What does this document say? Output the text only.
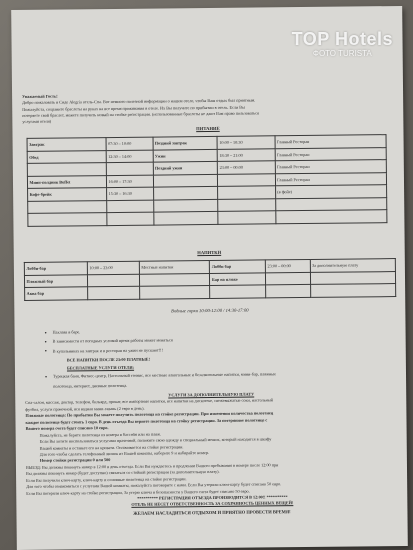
Уважаемый Гость!

Добро пожаловать в Сиде Alegria отель-Спа. Вот немного полезной информации о нашем отеле, чтобы Ваш отдых был приятным.

Пожалуйста, сохраните браслеты на руках на все время проживания в отеле. Их Вы получите по прибытии в отель. Если Вы

потеряете свой браслет, можете получить новый на стойке регистрации. (использованные браслеты не дают Вам право пользоваться

услугами отеля)

ПИТАНИЕ
Завтрак	07:30 – 10:00	Поздний завтрак	10:00 – 10:30	Главный Ресторан
Обед	12:30 – 14:00	Ужин	18:30 – 21:00	Главный Ресторан
		Поздний ужин	23:00 – 00:00	Главный Ресторан
Мини-полдник Buffet	16:00 – 17:30			Главный Ресторан
Кофе-брейк	15:30 – 16:30			(в фойе)

НАПИТКИ
Лобби-бар	10:00 – 23:00	Местные напитки	Лобби бар	23:00 – 00:00	За дополнительную плату
Пляжный бар			Бар на пляже		
Аква бар					
Водные горки 10:00-12:00 / 14:30-17:00

● Пахлава в баре.

● В зависимости от погодных условий время работы может меняться

● В купальниках на завтрак и в ресторан на ужин не пускают!!!

ВСЕ НАПИТКИ ПОСЛЕ 23:00 ПЛАТНЫЕ!

БЕСПЛАТНЫЕ УСЛУГИ ОТЕЛЯ:

● Турецкая баня, Фитнес-центр, Настольный теннис, все местные алкогольные и безалкогольные напитки, мини-бар, пляжные

полотенца, интернет, дневные полотенца.

УСЛУГИ ЗА ДОПОЛНИТЕЛЬНУЮ ПЛАТУ

Спа-салон, массаж, доктор, телефон, бильярд, прокат, все импортные напитки, все напитки на дискотеке, свежевыжатые соки, настольный

футбол, услуги прачечной, вся водная мини-гавань (2 евро в день).

Пляжные полотенца: По прибытии Вы можете получить полотенца на стойке регистрации. При изменении количества полотенец

каждое полотенце будет стоить 1 евро. В день отъезда Вы вернете полотенца на стойку регистрации. За потерянное полотенце с

Вашего номера счета будет списано 10 евро.

Пожалуйста, не берите полотенца из номера в бассейн или на пляж.

Если Вы хотите воспользоваться услугами прачечной, положите свою одежду в специальный мешок, который находится в шкафу

Вашей комнаты и оставьте его на кровати. Оплачивается на стойке регистрации.

Для того чтобы сделать телефонный звонок из Вашей комнаты, наберите 9 и набирайте номер.

Номер стойки регистрации 0 или 500

ВЫЕЗД: Вы должны покинуть номер в 12:00 в день отъезда. Если Вы нуждаетесь в продлении Вашего пребывания в номере после 12:00 при

Вы должны покинуть номер (будет доступно) связаться со стойкой регистрации (за дополнительную плату).

Если Вы получили ключ-карту, ключ-карту и основные полотенца на стойке регистрации.

Для того чтобы ознакомиться с услугами Вашей комнаты, пожалуйста поговорите с нами. Если Вы утеряли ключ-карту будет списано 50 евро.

Если Вы потеряли ключ-карту на стойке регистрации, За утерю ключа в безопасности у Вашего счета будет списано 50 евро.

********** РЕГИСТРАЦИЯ ОТЪЕЗДА ПРОИЗВОДИТСЯ В 12:00!! **********

ОТЕЛЬ НЕ НЕСЕТ ОТВЕТСТВЕННОСТЬ ЗА СОХРАННОСТЬ ЦЕННЫХ ВЕЩЕЙ!

ЖЕЛАЕМ НАСЛАДИТЬСЯ ОТДЫХОМ И ПРИЯТНО ПРОВЕСТИ ВРЕМЯ!
TOP Hotels
ФОТО TURISTA
